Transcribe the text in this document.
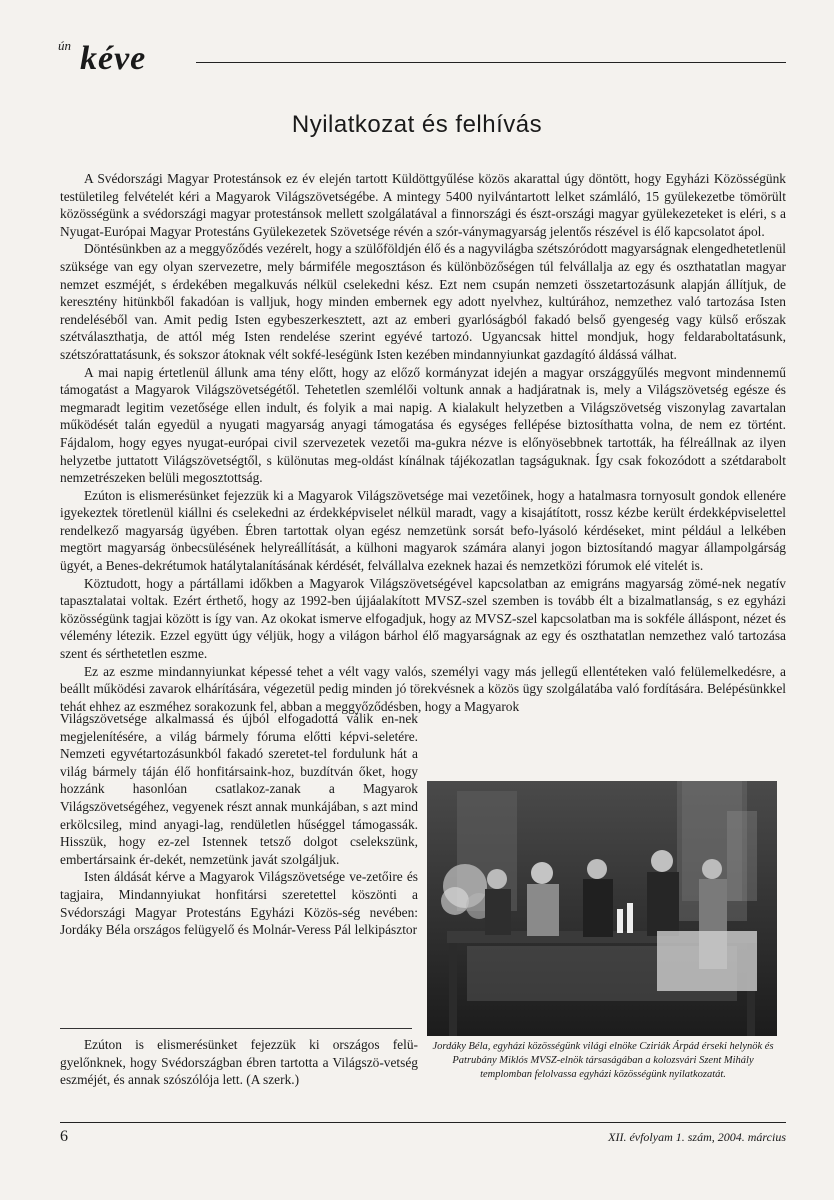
ún kéve
Nyilatkozat és felhívás

A Svédországi Magyar Protestánsok ez év elején tartott Küldöttgyűlése közös akarattal úgy döntött, hogy Egyházi Közösségünk testületileg felvételét kéri a Magyarok Világszövetségébe. A mintegy 5400 nyilvántartott lelket számláló, 15 gyülekezetbe tömörült közösségünk a svédországi magyar protestánsok mellett szolgálatával a finnországi és észt-országi magyar gyülekezeteket is eléri, s a Nyugat-Európai Magyar Protestáns Gyülekezetek Szövetsége révén a szór-ványmagyarság jelentős részével is élő kapcsolatot ápol.

Döntésünkben az a meggyőződés vezérelt, hogy a szülőföldjén élő és a nagyvilágba szétszóródott magyarságnak elengedhetetlenül szüksége van egy olyan szervezetre, mely bármiféle megosztáson és különbözőségen túl felvállalja az egy és oszthatatlan magyar nemzet eszméjét, s érdekében megalkuvás nélkül cselekedni kész. Ezt nem csupán nemzeti összetartozásunk alapján állítjuk, de keresztény hitünkből fakadóan is valljuk, hogy minden embernek egy adott nyelvhez, kultúrához, nemzethez való tartozása Isten rendeléséből van. Amit pedig Isten egybeszerkesztett, azt az emberi gyarlóságból fakadó belső gyengeség vagy külső erőszak szétválaszthatja, de attól még Isten rendelése szerint egyévé tartozó. Ugyancsak hittel mondjuk, hogy feldaraboltatásunk, szétszórattatásunk, és sokszor átoknak vélt sokfé-leségünk Isten kezében mindannyiunkat gazdagító áldássá válhat.

A mai napig értetlenül állunk ama tény előtt, hogy az előző kormányzat idején a magyar országgyűlés megvont mindennemű támogatást a Magyarok Világszövetségétől. Tehetetlen szemlélői voltunk annak a hadjáratnak is, mely a Világszövetség egésze és megmaradt legitim vezetősége ellen indult, és folyik a mai napig. A kialakult helyzetben a Világszövetség viszonylag zavartalan működését talán egyedül a nyugati magyarság anyagi támogatása és egységes fellépése biztosíthatta volna, de nem ez történt. Fájdalom, hogy egyes nyugat-európai civil szervezetek vezetői ma-gukra nézve is előnyösebbnek tartották, ha félreállnak az ilyen helyzetbe juttatott Világszövetségtől, s különutas meg-oldást kínálnak tájékozatlan tagságuknak. Így csak fokozódott a szétdarabolt nemzetrészeken belüli megosztottság.

Ezúton is elismerésünket fejezzük ki a Magyarok Világszövetsége mai vezetőinek, hogy a hatalmasra tornyosult gondok ellenére igyekeztek töretlenül kiállni és cselekedni az érdekképviselet nélkül maradt, vagy a kisajátított, rossz kézbe került érdekképviselettel rendelkező magyarság ügyében. Ébren tartottak olyan egész nemzetünk sorsát befo-lyásoló kérdéseket, mint például a lelkében megtört magyarság önbecsülésének helyreállítását, a külhoni magyarok számára alanyi jogon biztosítandó magyar állampolgárság ügyét, a Benes-dekrétumok hatálytalanításának kérdését, felvállalva ezeknek hazai és nemzetközi fórumok elé vitelét is.

Köztudott, hogy a pártállami időkben a Magyarok Világszövetségével kapcsolatban az emigráns magyarság zömé-nek negatív tapasztalatai voltak. Ezért érthető, hogy az 1992-ben újjáalakított MVSZ-szel szemben is tovább élt a bizalmatlanság, s ez egyházi közösségünk tagjai között is így van. Az okokat ismerve elfogadjuk, hogy az MVSZ-szel kapcsolatban ma is sokféle álláspont, nézet és vélemény létezik. Ezzel együtt úgy véljük, hogy a világon bárhol élő magyarságnak az egy és oszthatatlan nemzethez való tartozása szent és sérthetetlen eszme.

Ez az eszme mindannyiunkat képessé tehet a vélt vagy valós, személyi vagy más jellegű ellentéteken való felülemelkedésre, a beállt működési zavarok elhárítására, végezetül pedig minden jó törekvésnek a közös ügy szolgálatába való fordítására. Belépésünkkel tehát ehhez az eszméhez sorakozunk fel, abban a meggyőződésben, hogy a Magyarok

Világszövetsége alkalmassá és újból elfogadottá válik en-nek megjelenítésére, a világ bármely fóruma előtti képvi-seletére. Nemzeti egyvétartozásunkból fakadó szeretet-tel fordulunk hát a világ bármely táján élő honfitársaink-hoz, buzdítván őket, hogy hozzánk hasonlóan csatlakoz-zanak a Magyarok Világszövetségéhez, vegyenek részt annak munkájában, s azt mind erkölcsileg, mind anyagi-lag, rendületlen hűséggel támogassák. Hisszük, hogy ez-zel Istennek tetsző dolgot cselekszünk, embertársaink ér-dekét, nemzetünk javát szolgáljuk.

Isten áldását kérve a Magyarok Világszövetsége ve-zetőire és tagjaira, Mindannyiukat honfitársi szeretettel köszönti a Svédországi Magyar Protestáns Egyházi Közös-ség nevében: Jordáky Béla országos felügyelő és Molnár-Veress Pál lelkipásztor

Ezúton is elismerésünket fejezzük ki országos felü-gyelőnknek, hogy Svédországban ébren tartotta a Világszö-vetség eszméjét, és annak szószólója lett. (A szerk.)

Jordáky Béla, egyházi közösségünk világi elnöke Cziriák Árpád érseki helynök és Patrubány Miklós MVSZ-elnök társaságában a kolozsvári Szent Mihály templomban felolvassa egyházi közösségünk nyilatkozatát.
6	XII. évfolyam 1. szám, 2004. március
